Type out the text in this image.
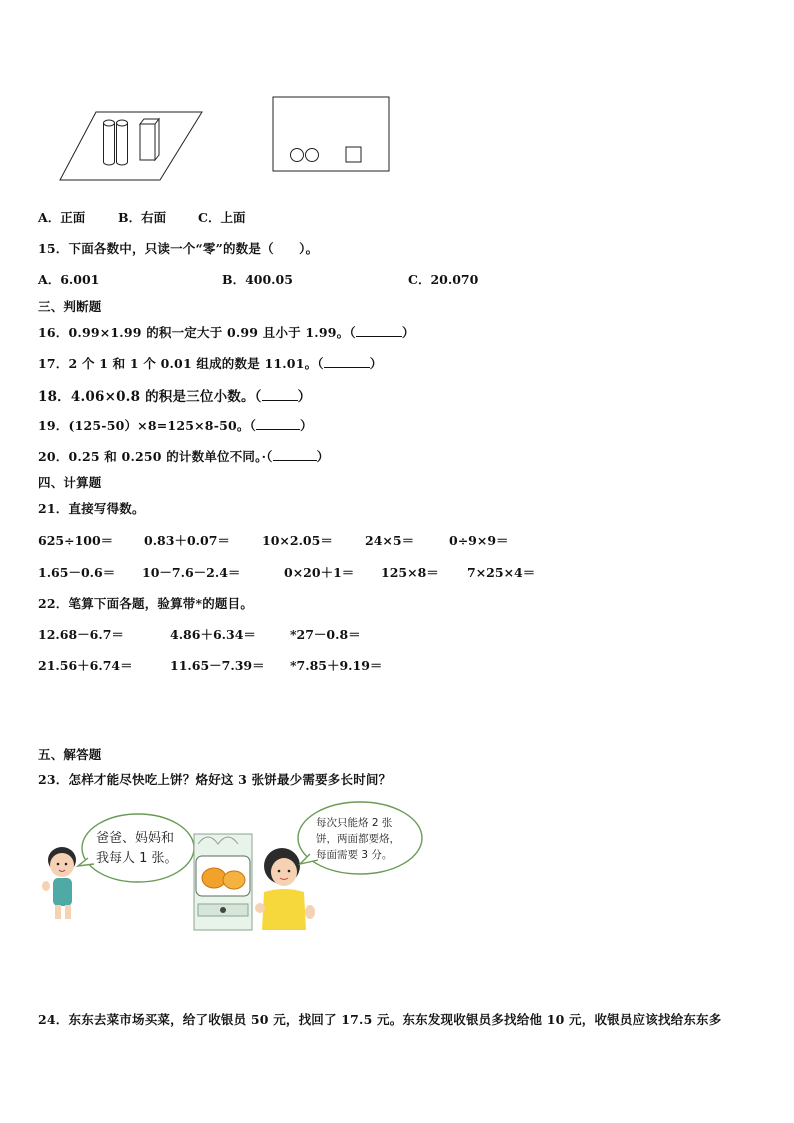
A．正面	B．右面	C．上面
15．下面各数中，只读一个“零”的数是（　　）。
A．6.001	B．400.05	C．20.070
三、判断题
16．0.99×1.99 的积一定大于 0.99 且小于 1.99。（	）
17．2 个 1 和 1 个 0.01 组成的数是 11.01。（	）
18．4.06×0.8 的积是三位小数。（	）
19．(125-50）×8=125×8-50。（	）
20．0.25 和 0.250 的计数单位不同。·（	）
四、计算题
21．直接写得数。
625÷100＝ 0.83＋0.07＝	10×2.05＝	24×5＝	0÷9×9＝
1.65－0.6＝ 10－7.6－2.4＝	0×20＋1＝ 125×8＝ 7×25×4＝
22．笔算下面各题，验算带*的题目。
12.68－6.7＝	4.86＋6.34＝	*27－0.8＝
21.56＋6.74＝	11.65－7.39＝ *7.85＋9.19＝
五、解答题
23．怎样才能尽快吃上饼？烙好这 3 张饼最少需要多长时间？
爸爸、妈妈和
我每人 1 张。
每次只能烙 2 张
饼，两面都要烙，
每面需要 3 分。
24．东东去菜市场买菜，给了收银员 50 元，找回了 17.5 元。东东发现收银员多找给他 10 元，收银员应该找给东东多
